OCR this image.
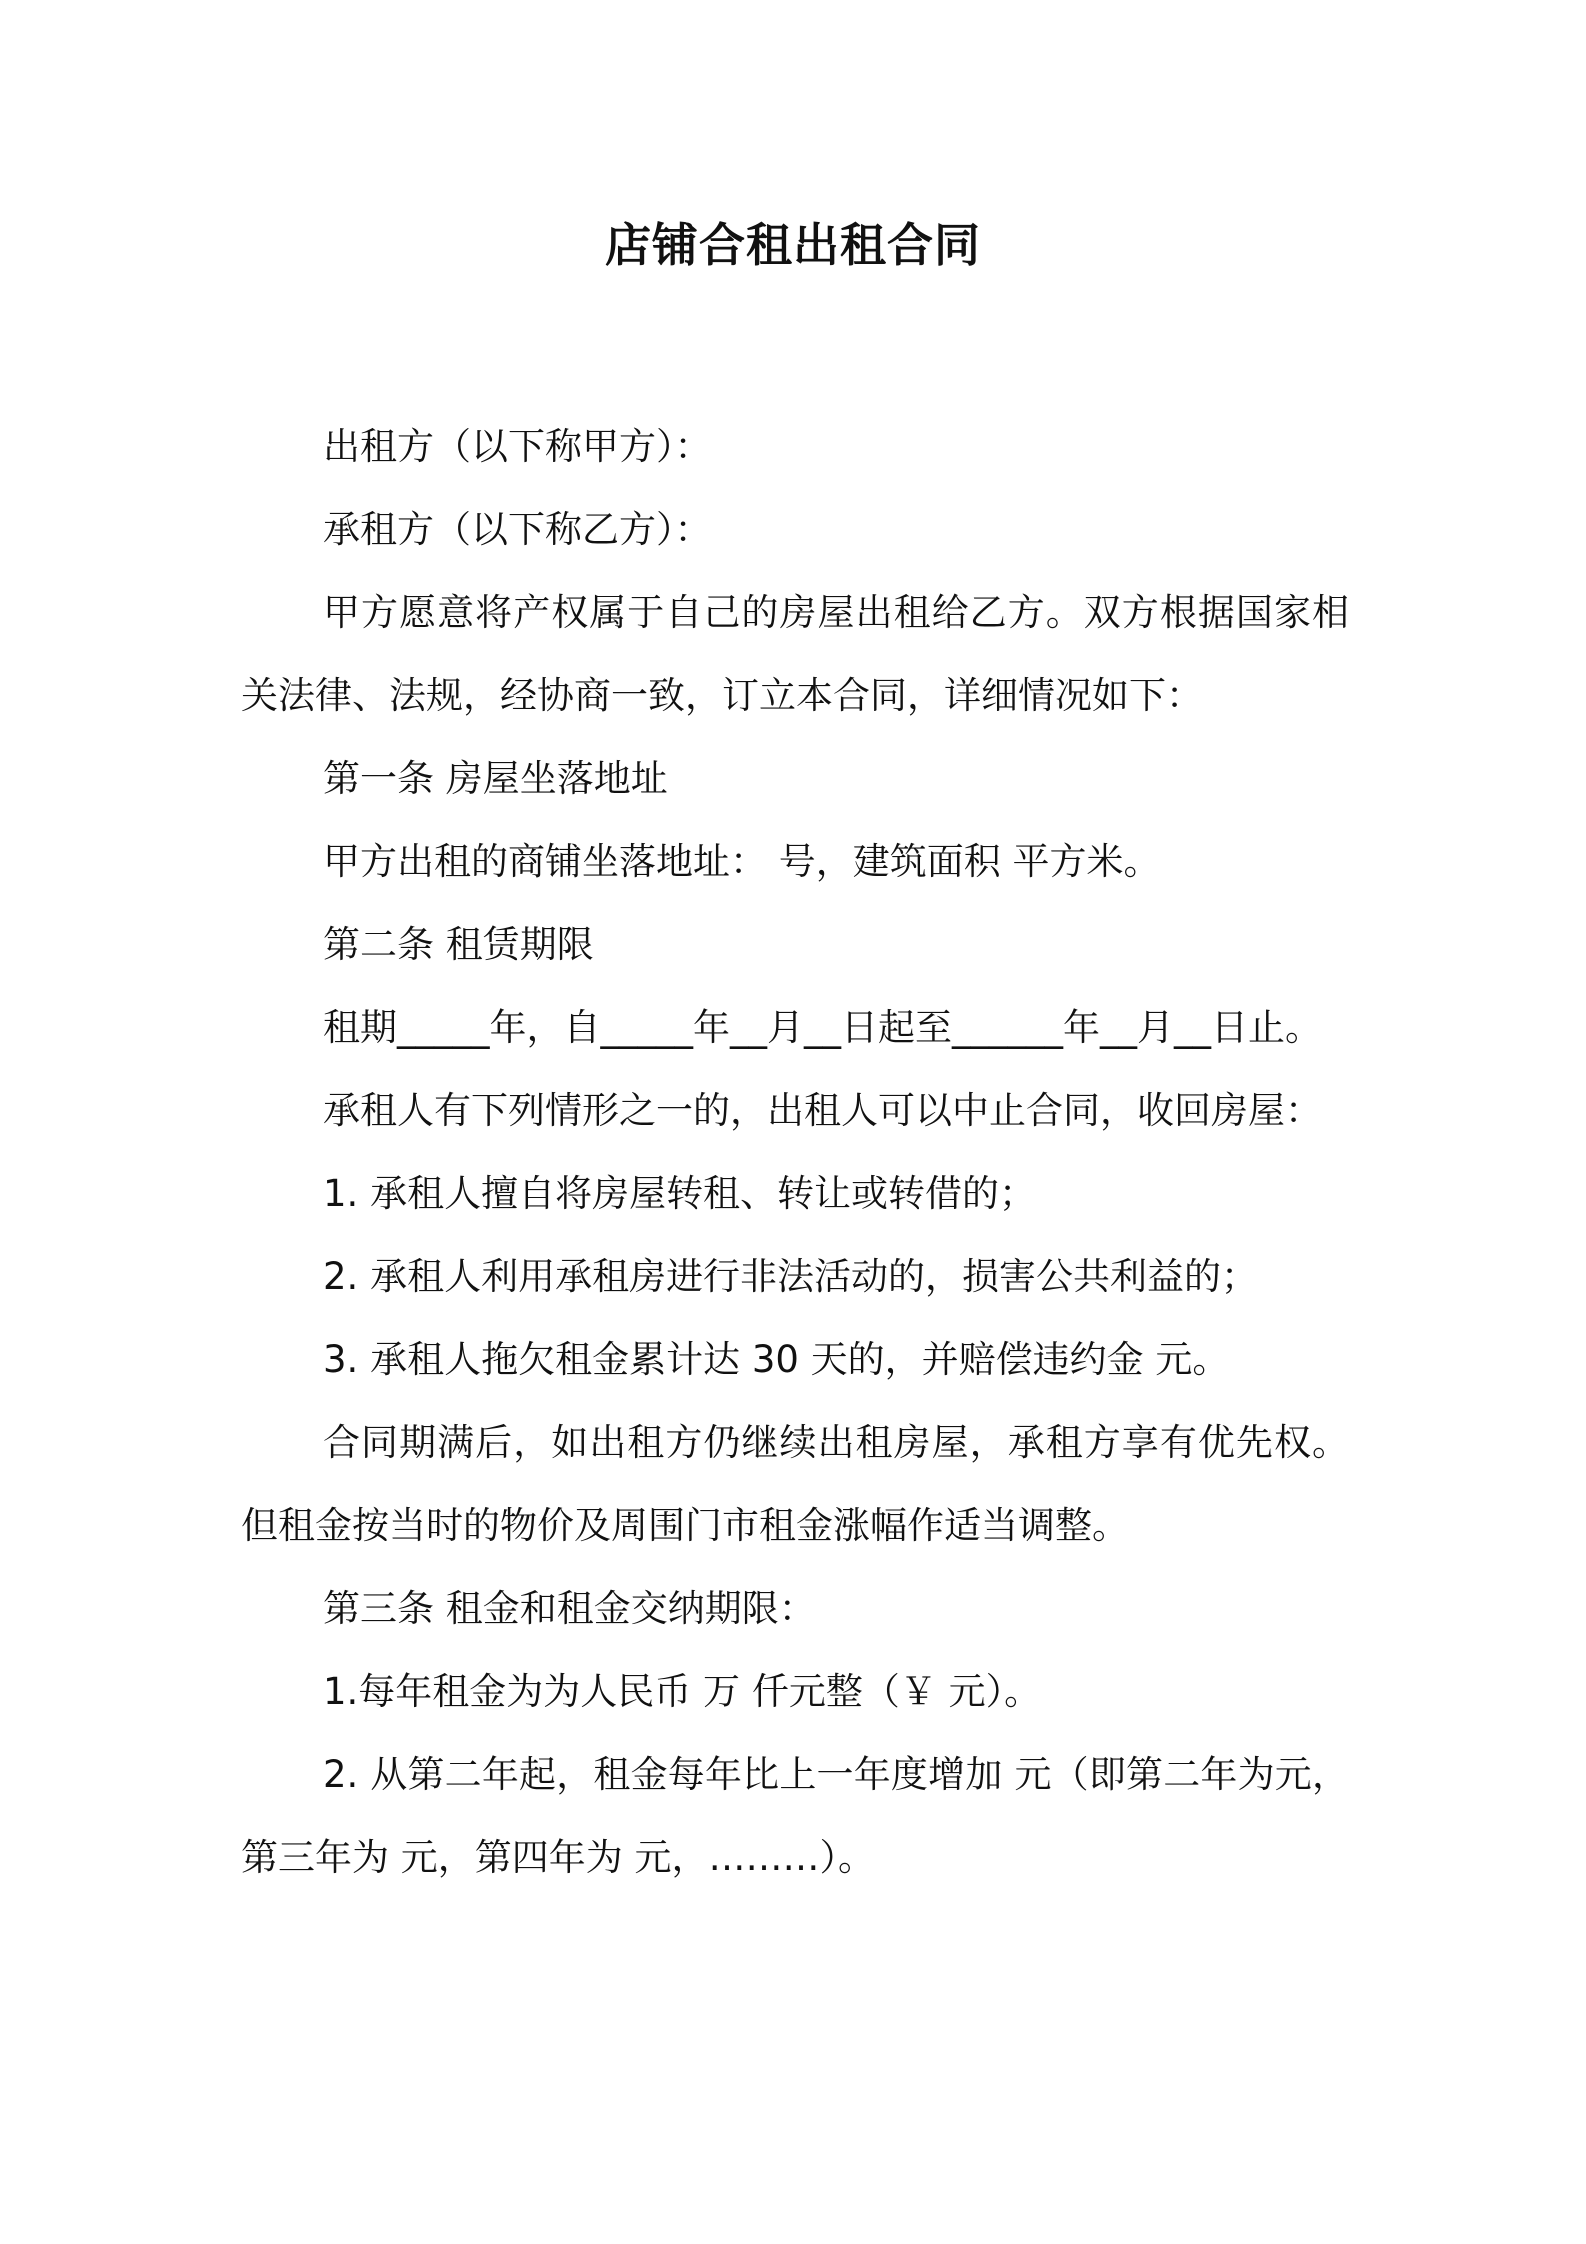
店铺合租出租合同

出租方（以下称甲方）：

承租方（以下称乙方）：

甲方愿意将产权属于自己的房屋出租给乙方。双方根据国家相关法律、法规，经协商一致，订立本合同，详细情况如下：

第一条 房屋坐落地址

甲方出租的商铺坐落地址： 号，建筑面积 平方米。

第二条 租赁期限

租期_____年，自_____年__月__日起至______年__月__日止。

承租人有下列情形之一的，出租人可以中止合同，收回房屋：

1. 承租人擅自将房屋转租、转让或转借的；

2. 承租人利用承租房进行非法活动的，损害公共利益的；

3. 承租人拖欠租金累计达 30 天的，并赔偿违约金 元。

合同期满后，如出租方仍继续出租房屋，承租方享有优先权。但租金按当时的物价及周围门市租金涨幅作适当调整。

第三条 租金和租金交纳期限：

1.每年租金为为人民币 万 仟元整（￥ 元）。

2. 从第二年起，租金每年比上一年度增加 元（即第二年为元，第三年为 元，第四年为 元，………）。
